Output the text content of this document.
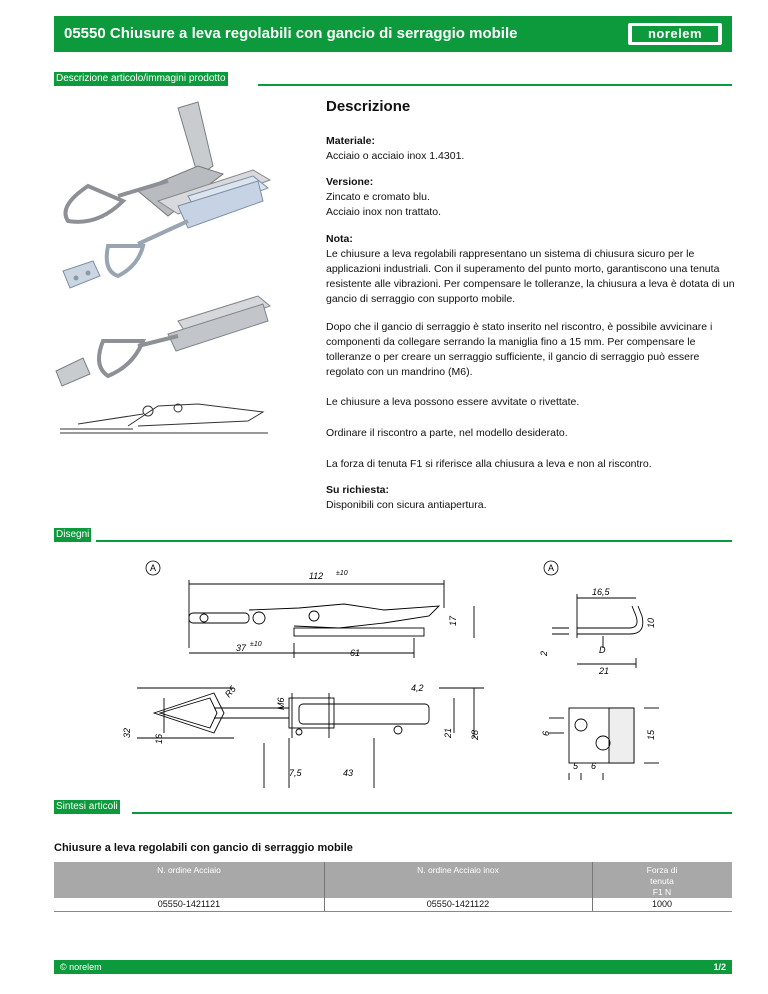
05550 Chiusure a leva regolabili con gancio di serraggio mobile	norelem
Descrizione articolo/immagini prodotto
Descrizione
Materiale:
Acciaio o acciaio inox 1.4301.
Versione:
Zincato e cromato blu.
Acciaio inox non trattato.
Nota:
Le chiusure a leva regolabili rappresentano un sistema di chiusura sicuro per le applicazioni industriali. Con il superamento del punto morto, garantiscono una tenuta resistente alle vibrazioni. Per compensare le tolleranze, la chiusura a leva è dotata di un gancio di serraggio con supporto mobile.
Dopo che il gancio di serraggio è stato inserito nel riscontro, è possibile avvicinare i componenti da collegare serrando la maniglia fino a 15 mm. Per compensare le tolleranze o per creare un serraggio sufficiente, il gancio di serraggio può essere regolato con un mandrino (M6).
Le chiusure a leva possono essere avvitate o rivettate.
Ordinare il riscontro a parte, nel modello desiderato.
La forza di tenuta F1 si riferisce alla chiusura a leva e non al riscontro.
Su richiesta:
Disponibili con sicura antiapertura.
Disegni
A	A
112 ±10
17
37 ±10
61
16,5
10
2	D
21
R5
M6
4,2
32
16
21 28
7,5	43
6	15
5 6
Sintesi articoli
Chiusure a leva regolabili con gancio di serraggio mobile
N. ordine Acciaio	N. ordine Acciaio inox	Forza di
tenuta
F1 N
05550-1421121	05550-1421122	1000
© norelem	1/2
